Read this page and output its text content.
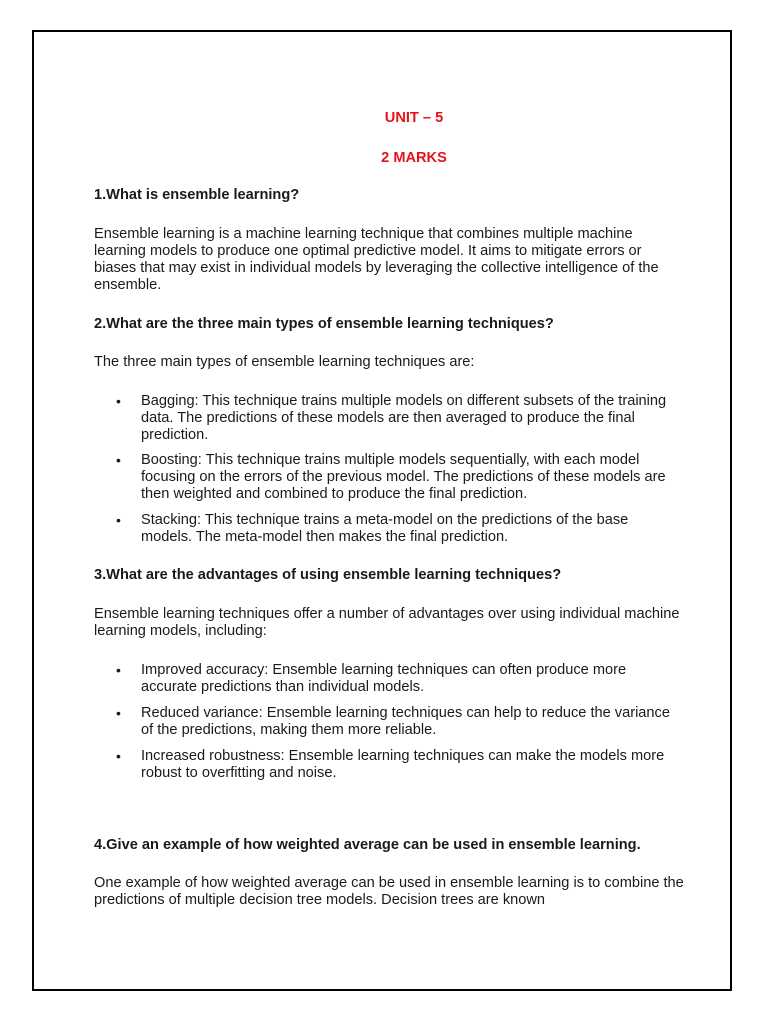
UNIT – 5
2 MARKS
1.What is ensemble learning?
Ensemble learning is a machine learning technique that combines multiple machine learning models to produce one optimal predictive model. It aims to mitigate errors or biases that may exist in individual models by leveraging the collective intelligence of the ensemble.
2.What are the three main types of ensemble learning techniques?
The three main types of ensemble learning techniques are:
• Bagging: This technique trains multiple models on different subsets of the training data. The predictions of these models are then averaged to produce the final prediction.
• Boosting: This technique trains multiple models sequentially, with each model focusing on the errors of the previous model. The predictions of these models are then weighted and combined to produce the final prediction.
• Stacking: This technique trains a meta-model on the predictions of the base models. The meta-model then makes the final prediction.
3.What are the advantages of using ensemble learning techniques?
Ensemble learning techniques offer a number of advantages over using individual machine learning models, including:
• Improved accuracy: Ensemble learning techniques can often produce more accurate predictions than individual models.
• Reduced variance: Ensemble learning techniques can help to reduce the variance of the predictions, making them more reliable.
• Increased robustness: Ensemble learning techniques can make the models more robust to overfitting and noise.
4.Give an example of how weighted average can be used in ensemble learning.
One example of how weighted average can be used in ensemble learning is to combine the predictions of multiple decision tree models. Decision trees are known
